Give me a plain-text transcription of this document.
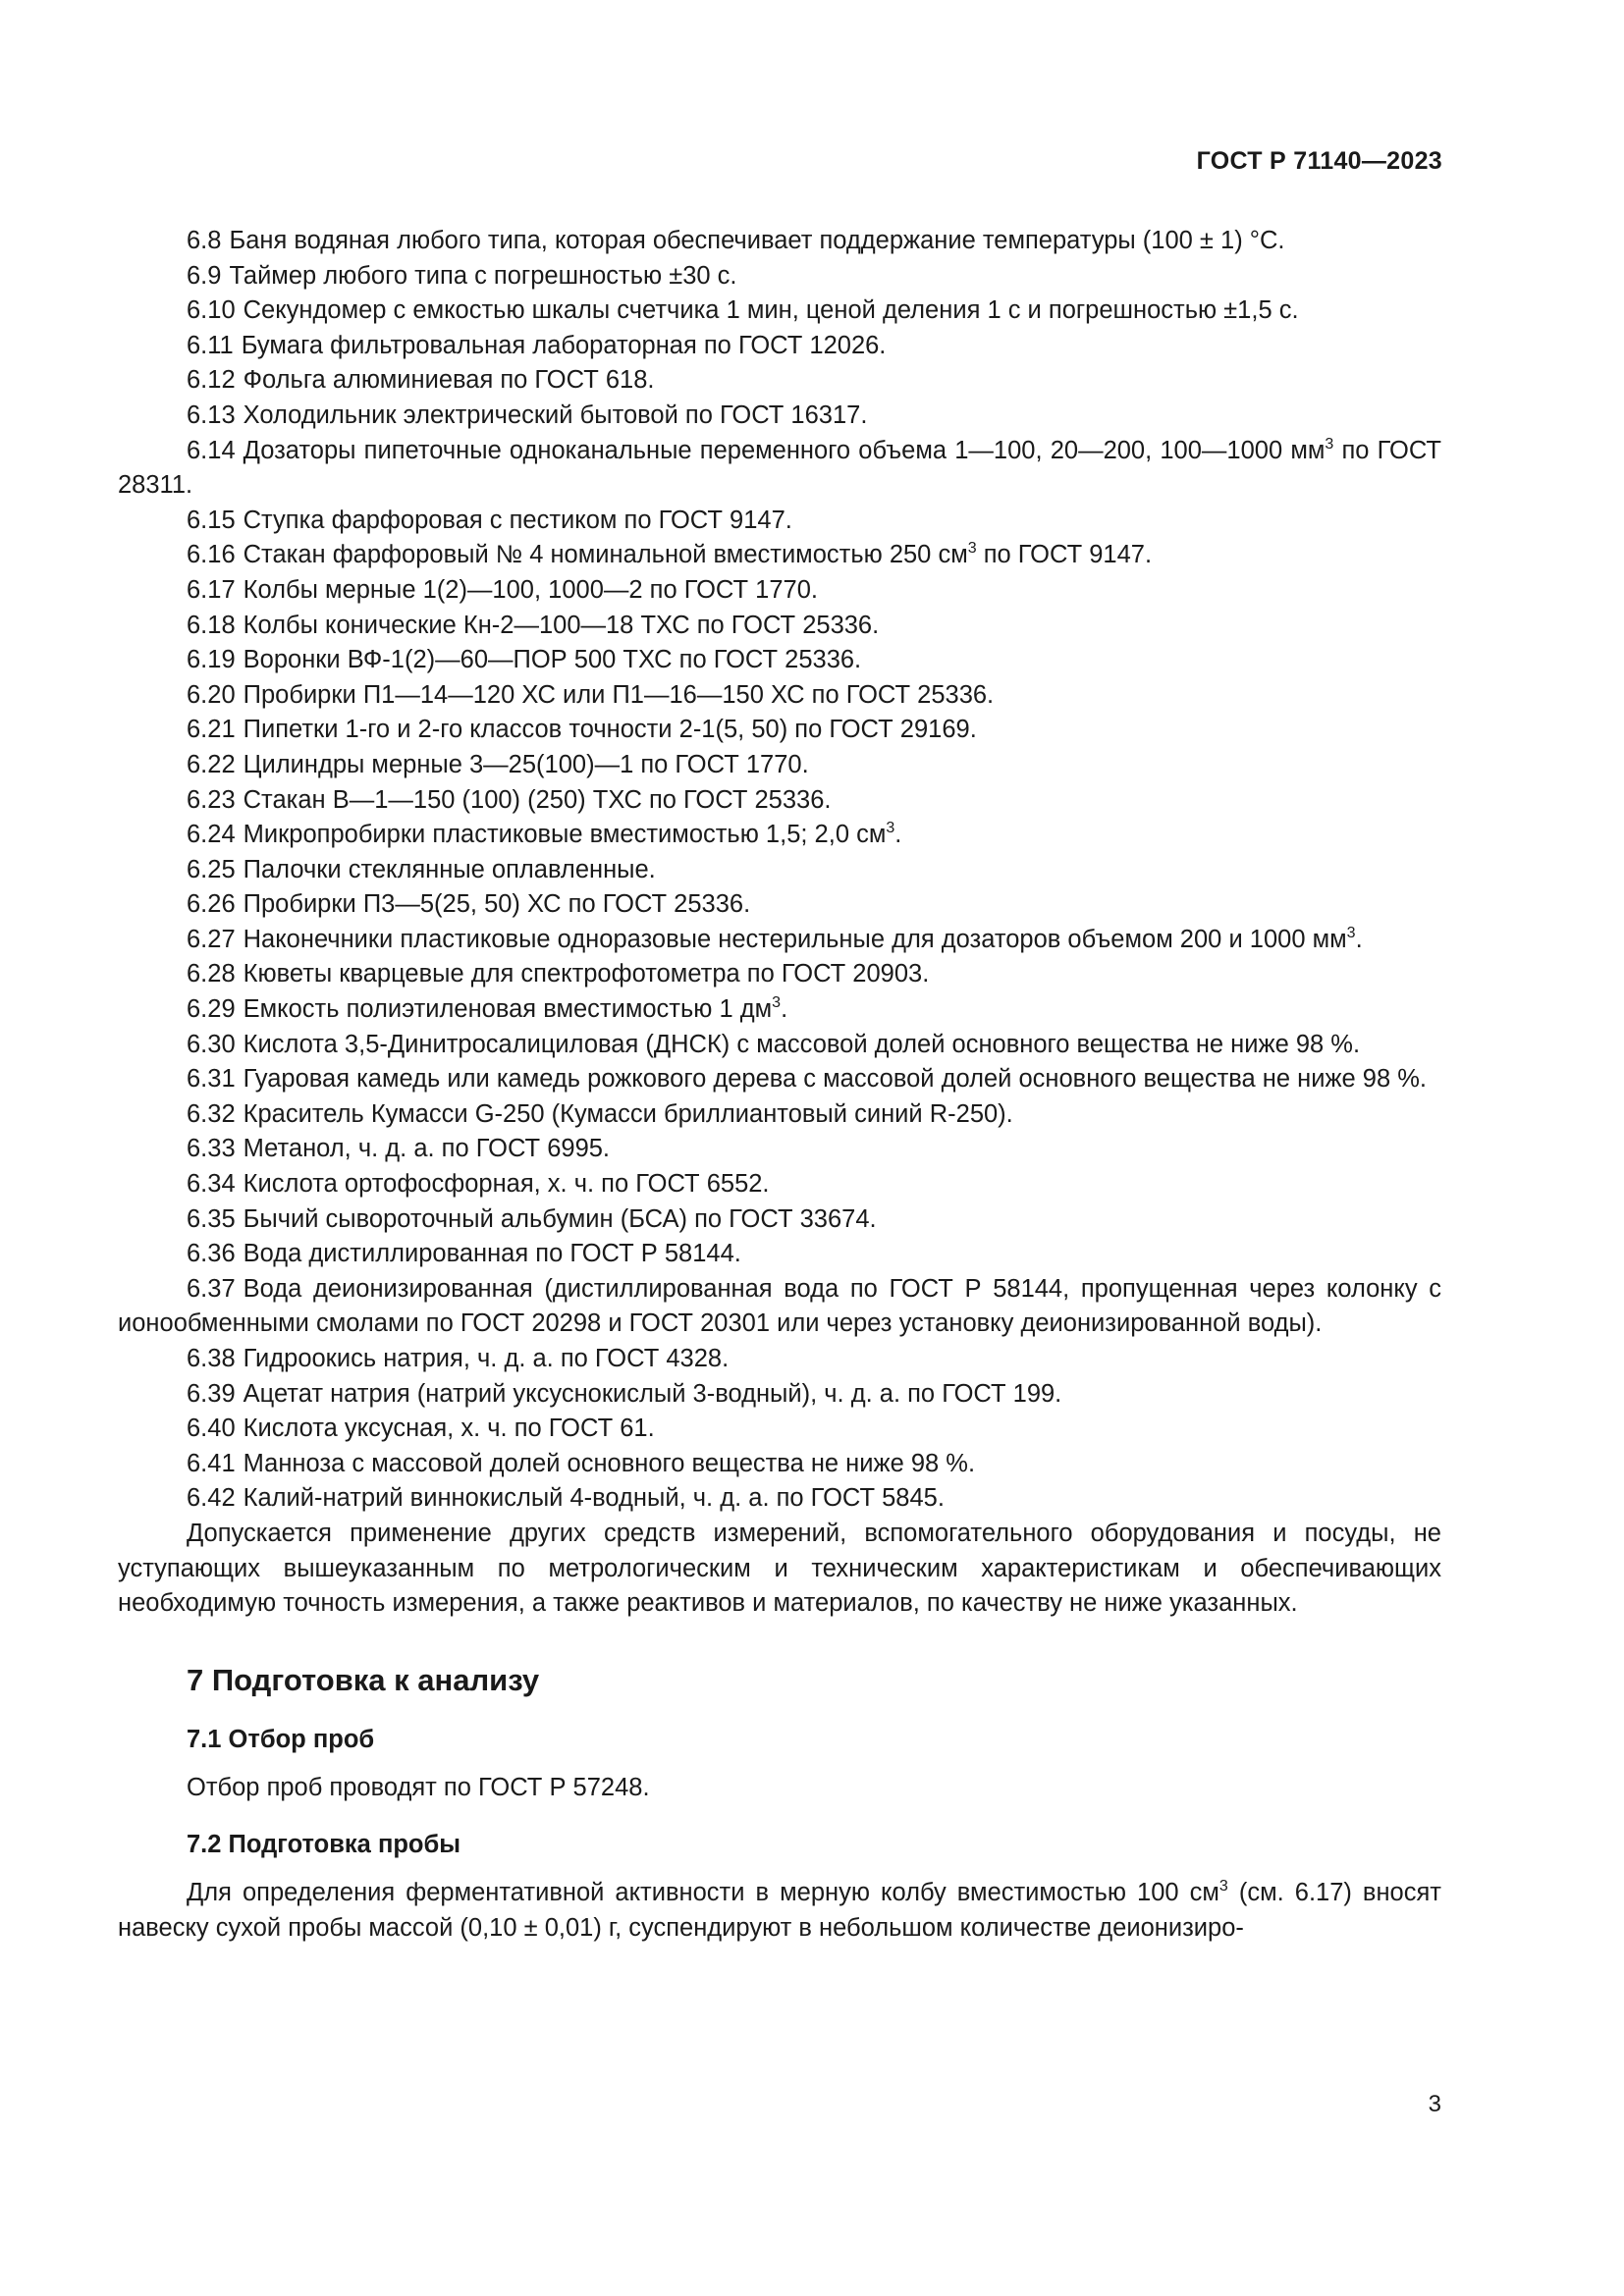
ГОСТ Р 71140—2023
6.8 Баня водяная любого типа, которая обеспечивает поддержание температуры (100 ± 1) °С.
6.9 Таймер любого типа с погрешностью ±30 с.
6.10 Секундомер с емкостью шкалы счетчика 1 мин, ценой деления 1 с и погрешностью ±1,5 с.
6.11 Бумага фильтровальная лабораторная по ГОСТ 12026.
6.12 Фольга алюминиевая по ГОСТ 618.
6.13 Холодильник электрический бытовой по ГОСТ 16317.
6.14 Дозаторы пипеточные одноканальные переменного объема 1—100, 20—200, 100—1000 $мм^3$ по ГОСТ 28311.
6.15 Ступка фарфоровая с пестиком по ГОСТ 9147.
6.16 Стакан фарфоровый № 4 номинальной вместимостью 250 $см^3$ по ГОСТ 9147.
6.17 Колбы мерные 1(2)—100, 1000—2 по ГОСТ 1770.
6.18 Колбы конические Кн-2—100—18 ТХС по ГОСТ 25336.
6.19 Воронки ВФ-1(2)—60—ПОР 500 ТХС по ГОСТ 25336.
6.20 Пробирки П1—14—120 ХС или П1—16—150 ХС по ГОСТ 25336.
6.21 Пипетки 1-го и 2-го классов точности 2-1(5, 50) по ГОСТ 29169.
6.22 Цилиндры мерные 3—25(100)—1 по ГОСТ 1770.
6.23 Стакан В—1—150 (100) (250) ТХС по ГОСТ 25336.
6.24 Микропробирки пластиковые вместимостью 1,5; 2,0 $см^3$.
6.25 Палочки стеклянные оплавленные.
6.26 Пробирки П3—5(25, 50) ХС по ГОСТ 25336.
6.27 Наконечники пластиковые одноразовые нестерильные для дозаторов объемом 200 и 1000 $мм^3$.
6.28 Кюветы кварцевые для спектрофотометра по ГОСТ 20903.
6.29 Емкость полиэтиленовая вместимостью 1 $дм^3$.
6.30 Кислота 3,5-Динитросалициловая (ДНСК) с массовой долей основного вещества не ниже 98 %.
6.31 Гуаровая камедь или камедь рожкового дерева с массовой долей основного вещества не ниже 98 %.
6.32 Краситель Кумасси G-250 (Кумасси бриллиантовый синий R-250).
6.33 Метанол, ч. д. а. по ГОСТ 6995.
6.34 Кислота ортофосфорная, х. ч. по ГОСТ 6552.
6.35 Бычий сывороточный альбумин (БСА) по ГОСТ 33674.
6.36 Вода дистиллированная по ГОСТ Р 58144.
6.37 Вода деионизированная (дистиллированная вода по ГОСТ Р 58144, пропущенная через колонку с ионообменными смолами по ГОСТ 20298 и ГОСТ 20301 или через установку деионизированной воды).
6.38 Гидроокись натрия, ч. д. а. по ГОСТ 4328.
6.39 Ацетат натрия (натрий уксуснокислый 3-водный), ч. д. а. по ГОСТ 199.
6.40 Кислота уксусная, х. ч. по ГОСТ 61.
6.41 Манноза с массовой долей основного вещества не ниже 98 %.
6.42 Калий-натрий виннокислый 4-водный, ч. д. а. по ГОСТ 5845.

Допускается применение других средств измерений, вспомогательного оборудования и посуды, не уступающих вышеуказанным по метрологическим и техническим характеристикам и обеспечивающих необходимую точность измерения, а также реактивов и материалов, по качеству не ниже указанных.

7 Подготовка к анализу
7.1 Отбор проб

Отбор проб проводят по ГОСТ Р 57248.

7.2 Подготовка пробы

Для определения ферментативной активности в мерную колбу вместимостью 100 $см^3$ (см. 6.17) вносят навеску сухой пробы массой (0,10 ± 0,01) г, суспендируют в небольшом количестве деионизиро-

3
